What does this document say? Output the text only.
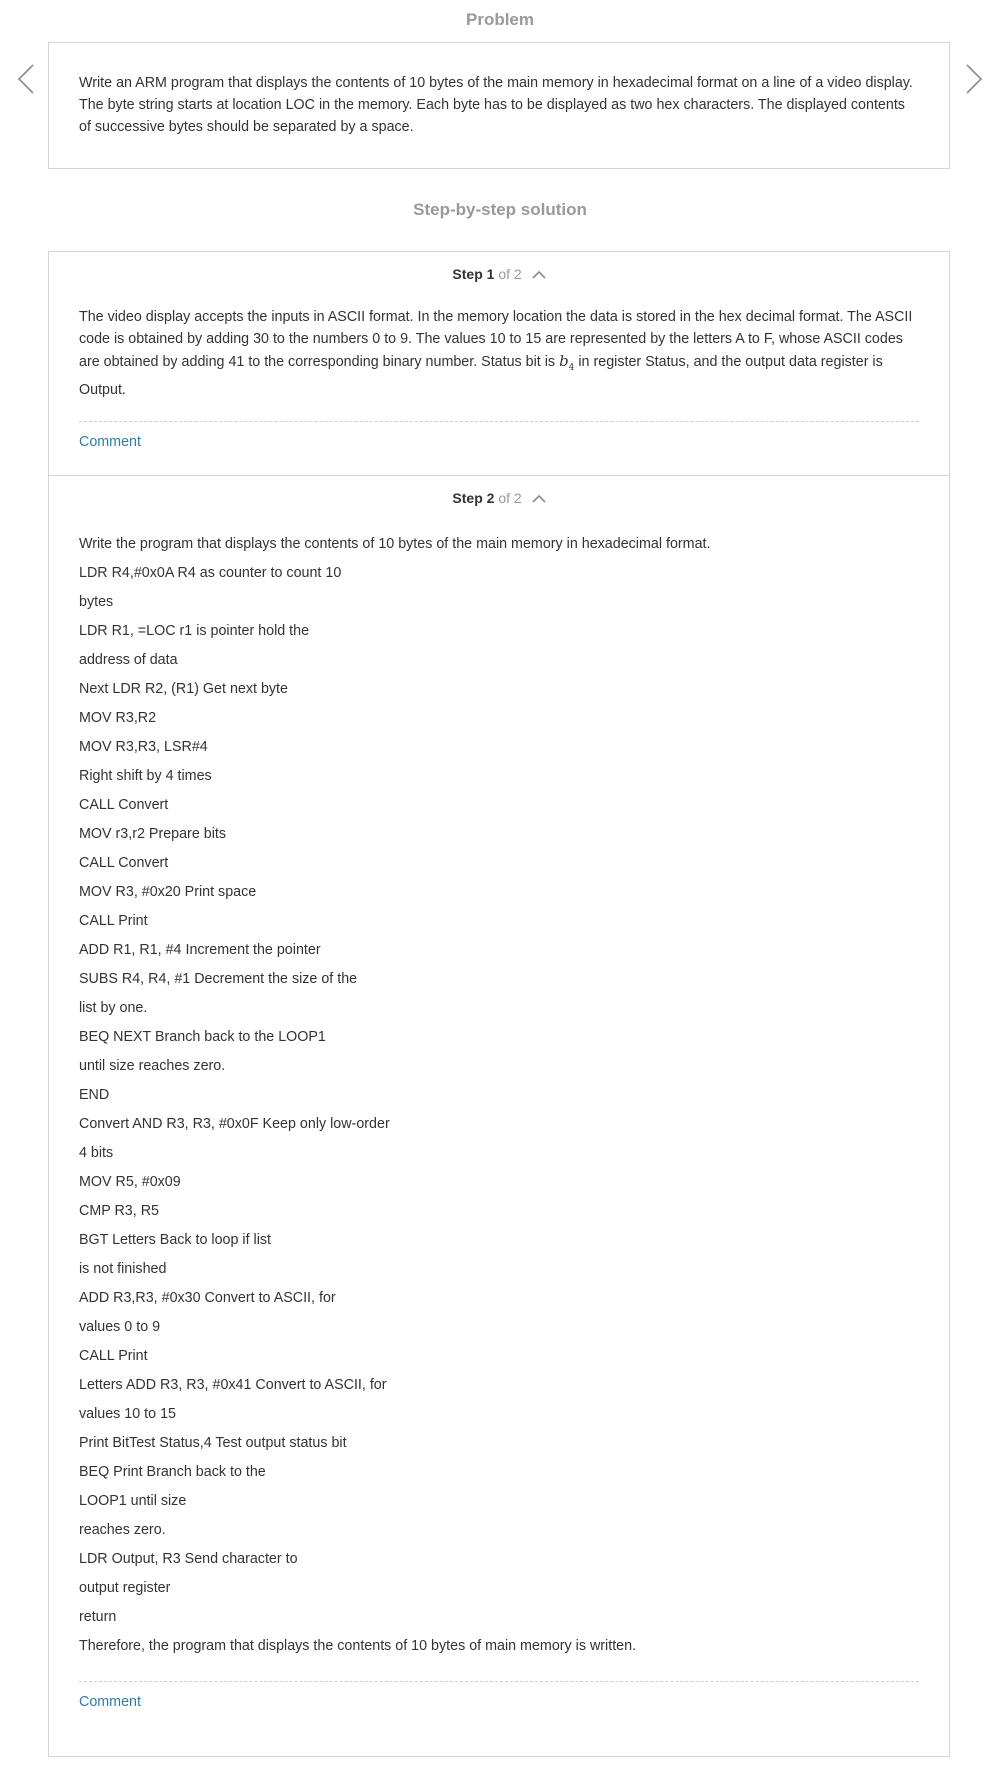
Problem

Write an ARM program that displays the contents of 10 bytes of the main memory in hexadecimal format on a line of a video display. The byte string starts at location LOC in the memory. Each byte has to be displayed as two hex characters. The displayed contents of successive bytes should be separated by a space.

Step-by-step solution
Step 1 of 2

The video display accepts the inputs in ASCII format. In the memory location the data is stored in the hex decimal format. The ASCII code is obtained by adding 30 to the numbers 0 to 9. The values 10 to 15 are represented by the letters A to F, whose ASCII codes are obtained by adding 41 to the corresponding binary number. Status bit is $b_4$ in register Status, and the output data register is Output.

Comment
Step 2 of 2

Write the program that displays the contents of 10 bytes of the main memory in hexadecimal format.

LDR R4,#0x0A R4 as counter to count 10

bytes

LDR R1, =LOC r1 is pointer hold the

address of data

Next LDR R2, (R1) Get next byte

MOV R3,R2

MOV R3,R3, LSR#4

Right shift by 4 times

CALL Convert

MOV r3,r2 Prepare bits

CALL Convert

MOV R3, #0x20 Print space

CALL Print

ADD R1, R1, #4 Increment the pointer

SUBS R4, R4, #1 Decrement the size of the

list by one.

BEQ NEXT Branch back to the LOOP1

until size reaches zero.

END

Convert AND R3, R3, #0x0F Keep only low-order

4 bits

MOV R5, #0x09

CMP R3, R5

BGT Letters Back to loop if list

is not finished

ADD R3,R3, #0x30 Convert to ASCII, for

values 0 to 9

CALL Print

Letters ADD R3, R3, #0x41 Convert to ASCII, for

values 10 to 15

Print BitTest Status,4 Test output status bit

BEQ Print Branch back to the

LOOP1 until size

reaches zero.

LDR Output, R3 Send character to

output register

return

Therefore, the program that displays the contents of 10 bytes of main memory is written.

Comment
